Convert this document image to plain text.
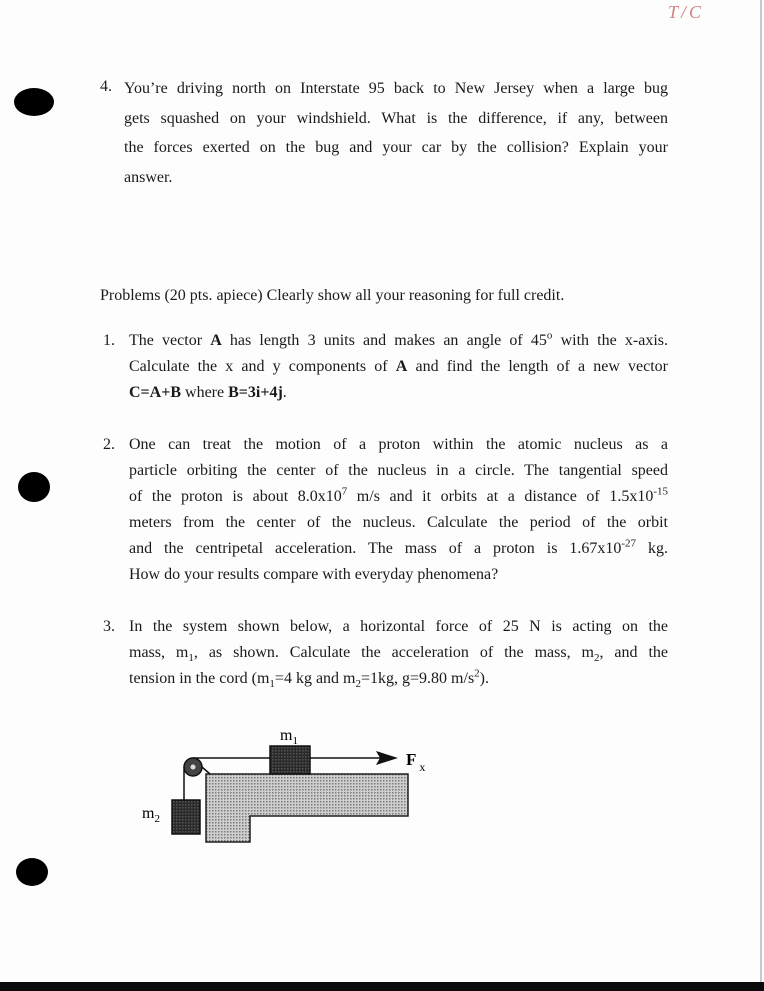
T/C
4. You’re driving north on Interstate 95 back to New Jersey when a large bug
gets squashed on your windshield. What is the difference, if any, between
the forces exerted on the bug and your car by the collision? Explain your
answer.
Problems (20 pts. apiece) Clearly show all your reasoning for full credit.
1. The vector A has length 3 units and makes an angle of 45$^o$ with the x-axis.
Calculate the x and y components of A and find the length of a new vector
C=A+B where B=3i+4j.
2. One can treat the motion of a proton within the atomic nucleus as a
particle orbiting the center of the nucleus in a circle. The tangential speed
of the proton is about $8.0x10^7$ m/s and it orbits at a distance of $1.5x10^{-15}$
meters from the center of the nucleus. Calculate the period of the orbit
and the centripetal acceleration. The mass of a proton is $1.67x10^{-27}$ kg.
How do your results compare with everyday phenomena?
3. In the system shown below, a horizontal force of 25 N is acting on the
mass, $m_1$, as shown. Calculate the acceleration of the mass, $m_2$, and the
tension in the cord ($m_1=4$ kg and $m_2=1kg$, g=9.80 $m/s^2$).
$m_1$
$m_2$
F $_x$
